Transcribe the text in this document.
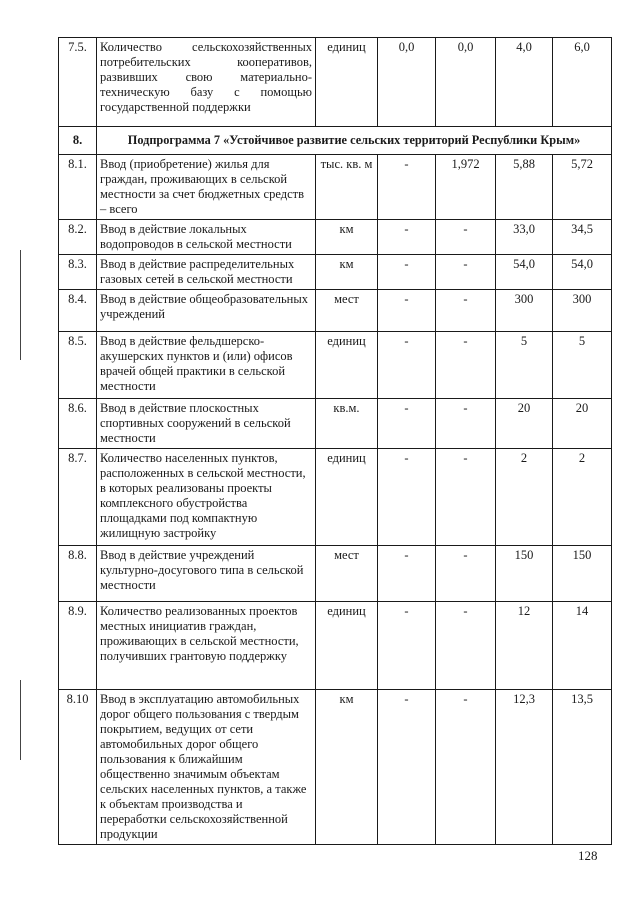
7.5.	Количество сельскохозяйственных потребительских кооперативов, развивших свою материально-техническую базу с помощью государственной поддержки	единиц	0,0	0,0	4,0	6,0
8.	Подпрограмма 7 «Устойчивое развитие сельских территорий Республики Крым»					
8.1.	Ввод (приобретение) жилья для граждан, проживающих в сельской местности за счет бюджетных средств – всего	тыс. кв. м	-	1,972	5,88	5,72
8.2.	Ввод в действие локальных водопроводов в сельской местности	км	-	-	33,0	34,5
8.3.	Ввод в действие распределительных газовых сетей в сельской местности	км	-	-	54,0	54,0
8.4.	Ввод в действие общеобразовательных учреждений	мест	-	-	300	300
8.5.	Ввод в действие фельдшерско-акушерских пунктов и (или) офисов врачей общей практики в сельской местности	единиц	-	-	5	5
8.6.	Ввод в действие плоскостных спортивных сооружений в сельской местности	кв.м.	-	-	20	20
8.7.	Количество населенных пунктов, расположенных в сельской местности, в которых реализованы проекты комплексного обустройства площадками под компактную жилищную застройку	единиц	-	-	2	2
8.8.	Ввод в действие учреждений культурно-досугового типа в сельской местности	мест	-	-	150	150
8.9.	Количество реализованных проектов местных инициатив граждан, проживающих в сельской местности, получивших грантовую поддержку	единиц	-	-	12	14
8.10	Ввод в эксплуатацию автомобильных дорог общего пользования с твердым покрытием, ведущих от сети автомобильных дорог общего пользования к ближайшим общественно значимым объектам сельских населенных пунктов, а также к объектам производства и переработки сельскохозяйственной продукции	км	-	-	12,3	13,5
128
